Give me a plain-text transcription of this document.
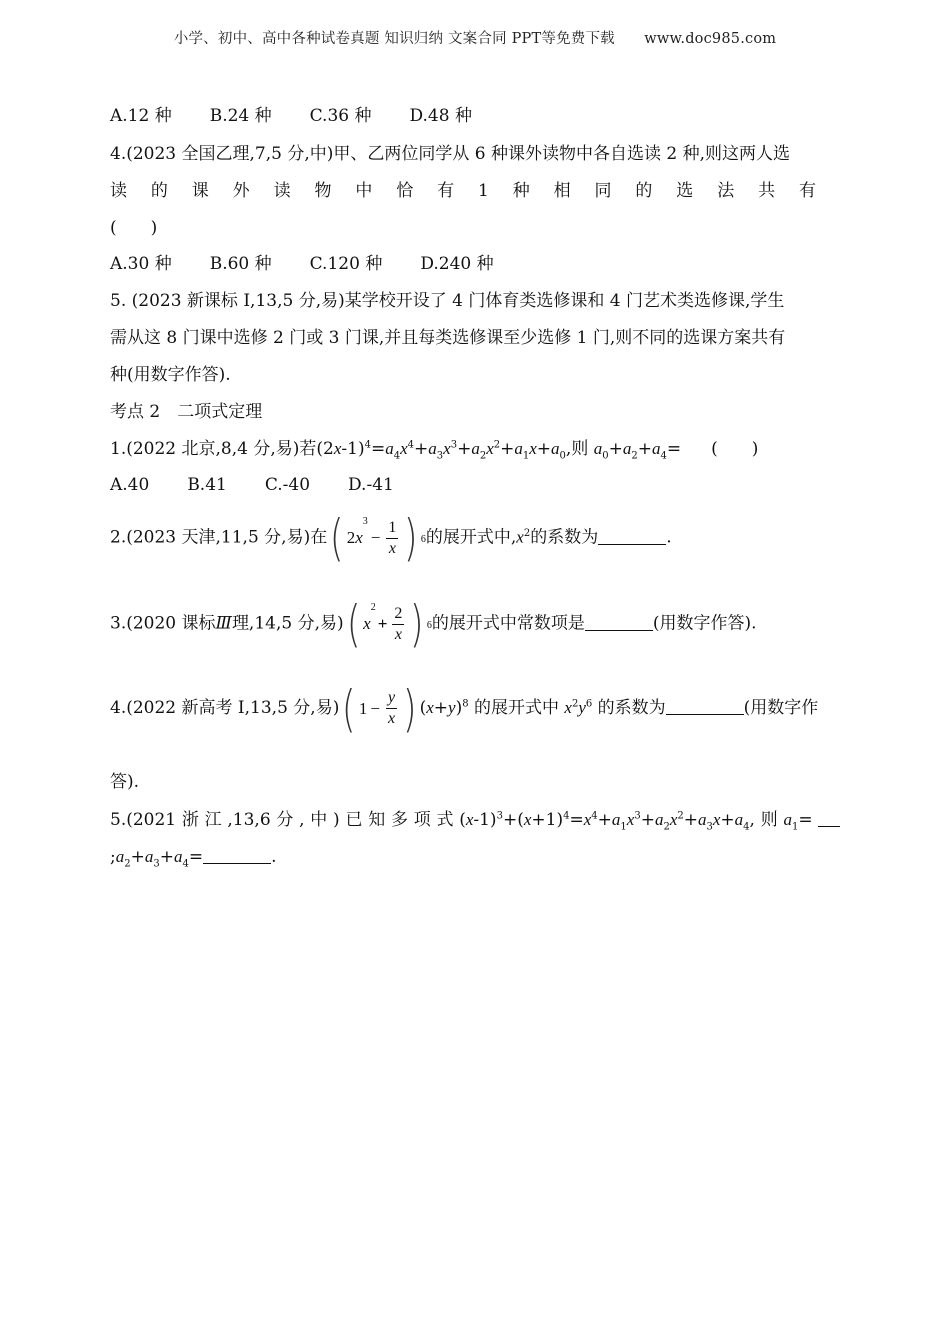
小学、初中、高中各种试卷真题 知识归纳 文案合同 PPT等免费下载　　www.doc985.com
A.12 种 B.24 种 C.36 种 D.48 种
4.(2023 全国乙理,7,5 分,中)甲、乙两位同学从 6 种课外读物中各自选读 2 种,则这两人选
读 的 课 外 读 物 中 恰 有 1 种 相 同 的 选 法 共 有
(　　)
A.30 种 B.60 种 C.120 种 D.240 种
5. (2023 新课标 Ⅰ,13,5 分,易)某学校开设了 4 门体育类选修课和 4 门艺术类选修课,学生
需从这 8 门课中选修 2 门或 3 门课,并且每类选修课至少选修 1 门,则不同的选课方案共有
种(用数字作答).
考点 2　二项式定理
1.(2022 北京,8,4 分,易)若$(2x-1)^4=a_4x^4+a_3x^3+a_2x^2+a_1x+a_0$,则 $a_0+a_2+a_4=$ (　　)
A.40 B.41 C.-40 D.-41
2.(2023 天津,11,5 分,易)在 ( 2 x
3
− $\frac{1}{x}$ ) 6 的展开式中$,x^2$的系数为	.
3.(2020 课标Ⅲ理,14,5 分,易) ( x
2
+ $\frac{2}{x}$ ) 6 的展开式中常数项是	(用数字作答).
4.(2022 新高考 Ⅰ,13,5 分,易) ( $1 - \frac{y}{x}$ ) $(x+y)^8$ 的展开式中 $x^2y^6$ 的系数为	(用数字作
答).
5.(2021 浙 江 ,13,6 分 , 中 ) 已 知 多 项 式 $(x-1)^3+(x+1)^4=x^4+a_1x^3+a_2x^2+a_3x+a_4$, 则 $a_1=$
$;a_2+a_3+a_4=$	.
